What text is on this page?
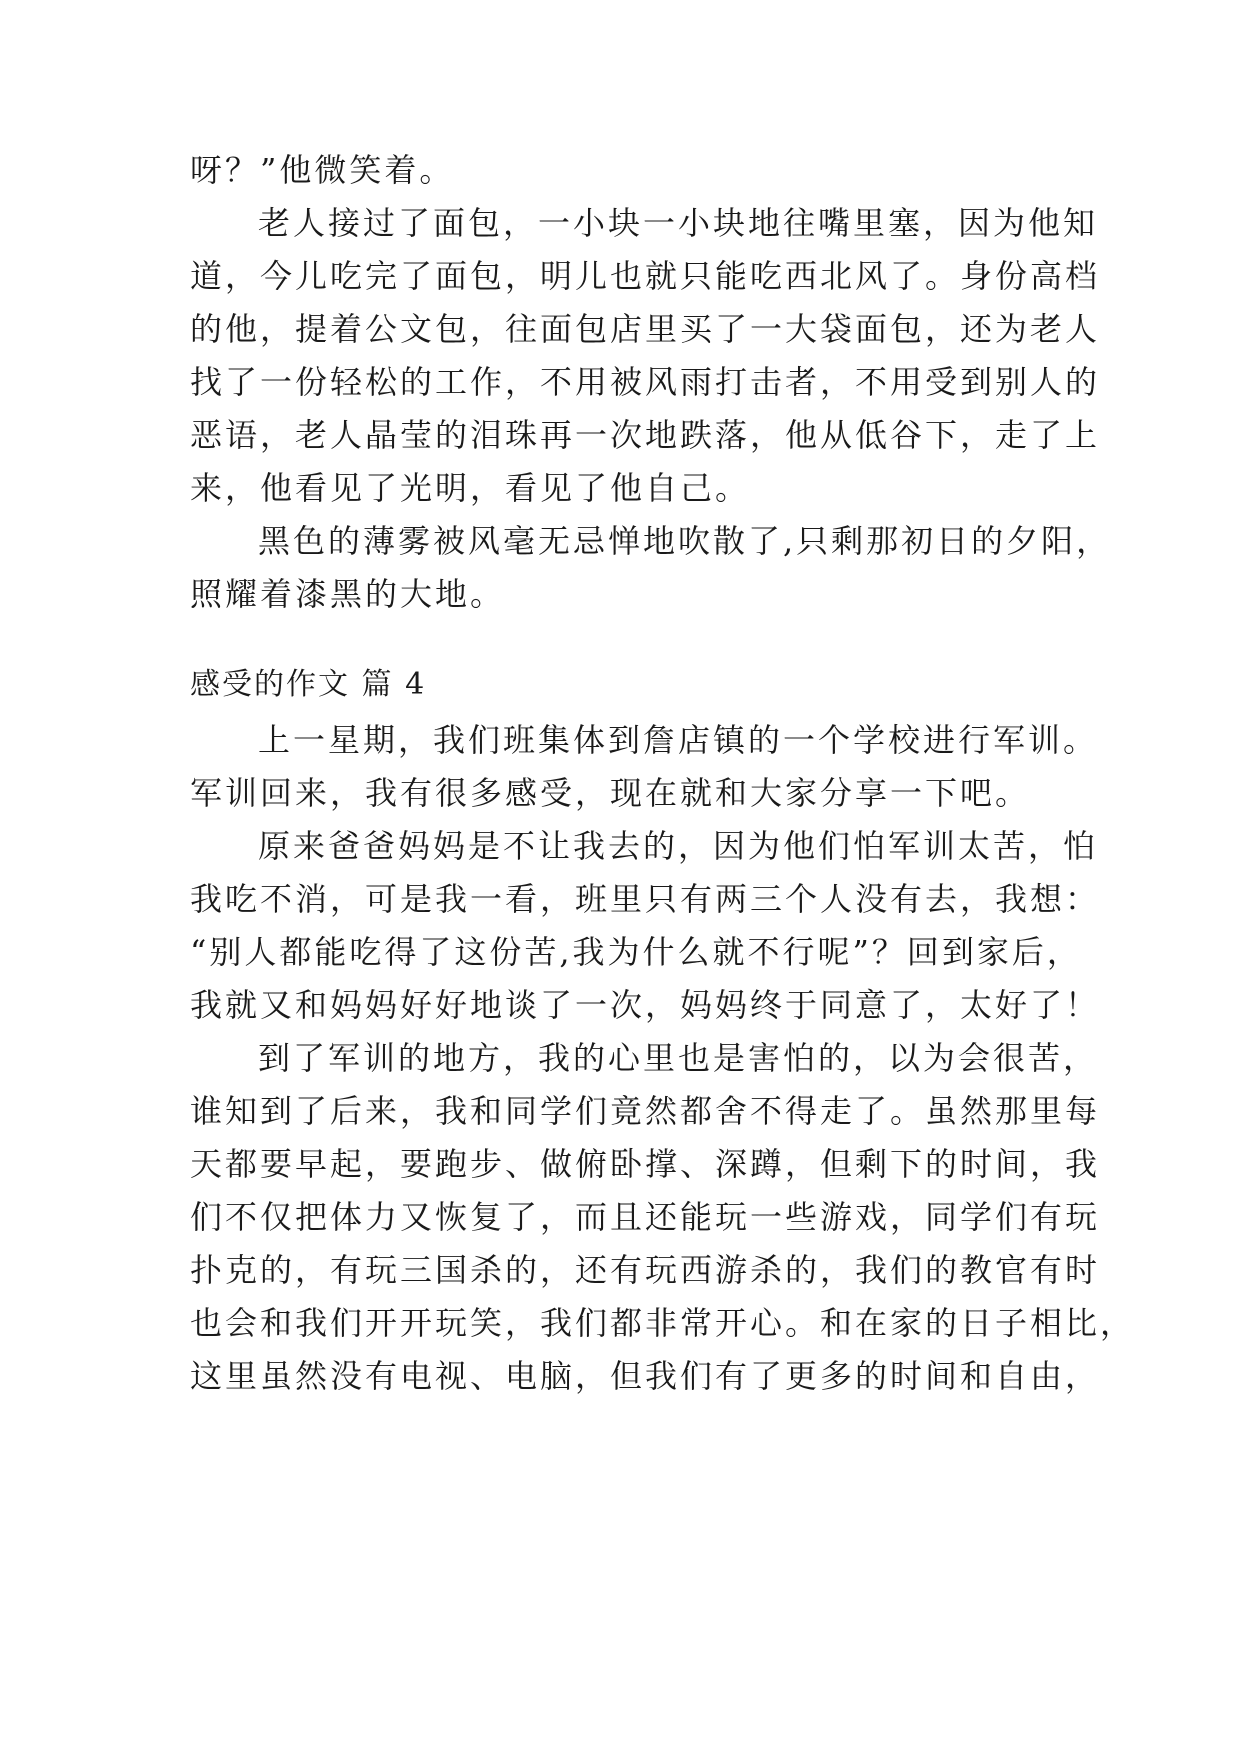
呀？”他微笑着。
老人接过了面包，一小块一小块地往嘴里塞，因为他知
道，今儿吃完了面包，明儿也就只能吃西北风了。身份高档
的他，提着公文包，往面包店里买了一大袋面包，还为老人
找了一份轻松的工作，不用被风雨打击者，不用受到别人的
恶语，老人晶莹的泪珠再一次地跌落，他从低谷下，走了上
来，他看见了光明，看见了他自己。
黑色的薄雾被风毫无忌惮地吹散了,只剩那初日的夕阳，
照耀着漆黑的大地。
感受的作文 篇 4
上一星期，我们班集体到詹店镇的一个学校进行军训。
军训回来，我有很多感受，现在就和大家分享一下吧。
原来爸爸妈妈是不让我去的，因为他们怕军训太苦，怕
我吃不消，可是我一看，班里只有两三个人没有去，我想：
“别人都能吃得了这份苦,我为什么就不行呢”？回到家后，
我就又和妈妈好好地谈了一次，妈妈终于同意了，太好了！
到了军训的地方，我的心里也是害怕的，以为会很苦，
谁知到了后来，我和同学们竟然都舍不得走了。虽然那里每
天都要早起，要跑步、做俯卧撑、深蹲，但剩下的时间，我
们不仅把体力又恢复了，而且还能玩一些游戏，同学们有玩
扑克的，有玩三国杀的，还有玩西游杀的，我们的教官有时
也会和我们开开玩笑，我们都非常开心。和在家的日子相比，
这里虽然没有电视、电脑，但我们有了更多的时间和自由，
